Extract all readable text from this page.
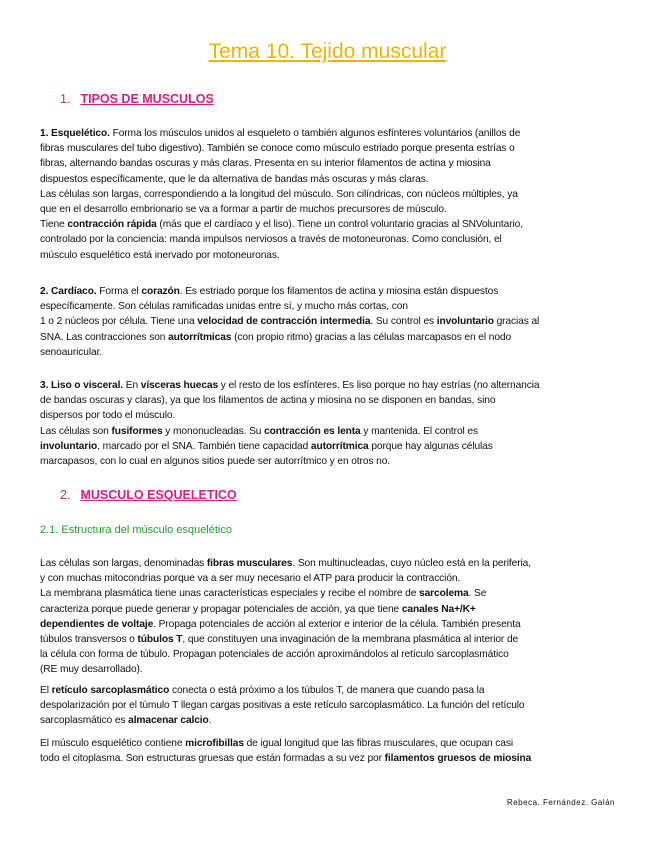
Tema 10. Tejido muscular
1. TIPOS DE MUSCULOS
1. Esquelético. Forma los músculos unidos al esqueleto o también algunos esfínteres voluntarios (anillos de
fibras musculares del tubo digestivo). También se conoce como músculo estriado porque presenta estrías o
fibras, alternando bandas oscuras y más claras. Presenta en su interior filamentos de actina y miosina
dispuestos específicamente, que le da alternativa de bandas más oscuras y más claras.
Las células son largas, correspondiendo a la longitud del músculo. Son cilíndricas, con núcleos múltiples, ya
que en el desarrollo embrionario se va a formar a partir de muchos precursores de músculo.
Tiene contracción rápida (más que el cardíaco y el liso). Tiene un control voluntario gracias al SNVoluntario,
controlado por la conciencia: manda impulsos nerviosos a través de motoneuronas. Como conclusión, el
músculo esquelético está inervado por motoneuronas.
2. Cardíaco. Forma el corazón. Es estriado porque los filamentos de actina y miosina están dispuestos
específicamente. Son células ramificadas unidas entre sí, y mucho más cortas, con
1 o 2 núcleos por célula. Tiene una velocidad de contracción intermedia. Su control es involuntario gracias al
SNA. Las contracciones son autorrítmicas (con propio ritmo) gracias a las células marcapasos en el nodo
senoauricular.
3. Liso o visceral. En vísceras huecas y el resto de los esfínteres. Es liso porque no hay estrías (no alternancia
de bandas oscuras y claras), ya que los filamentos de actina y miosina no se disponen en bandas, sino
dispersos por todo el músculo.
Las células son fusiformes y mononucleadas. Su contracción es lenta y mantenida. El control es
involuntario, marcado por el SNA. También tiene capacidad autorrítmica porque hay algunas células
marcapasos, con lo cual en algunos sitios puede ser autorrítmico y en otros no.
2. MUSCULO ESQUELETICO
2.1. Estructura del músculo esquelético
Las células son largas, denominadas fibras musculares. Son multinucleadas, cuyo núcleo está en la periferia,
y con muchas mitocondrias porque va a ser muy necesario el ATP para producir la contracción.
La membrana plasmática tiene unas características especiales y recibe el nombre de sarcolema. Se
caracteriza porque puede generar y propagar potenciales de acción, ya que tiene canales Na+/K+
dependientes de voltaje. Propaga potenciales de acción al exterior e interior de la célula. También presenta
túbulos transversos o túbulos T, que constituyen una invaginación de la membrana plasmática al interior de
la célula con forma de túbulo. Propagan potenciales de acción aproximándolos al retículo sarcoplasmático
(RE muy desarrollado).
El retículo sarcoplasmático conecta o está próximo a los túbulos T, de manera que cuando pasa la
despolarización por el túmulo T llegan cargas positivas a este retículo sarcoplasmático. La función del retículo
sarcoplasmático es almacenar calcio.
El músculo esquelético contiene microfibillas de igual longitud que las fibras musculares, que ocupan casi
todo el citoplasma. Son estructuras gruesas que están formadas a su vez por filamentos gruesos de miosina
Rebeca. Fernández. Galán
